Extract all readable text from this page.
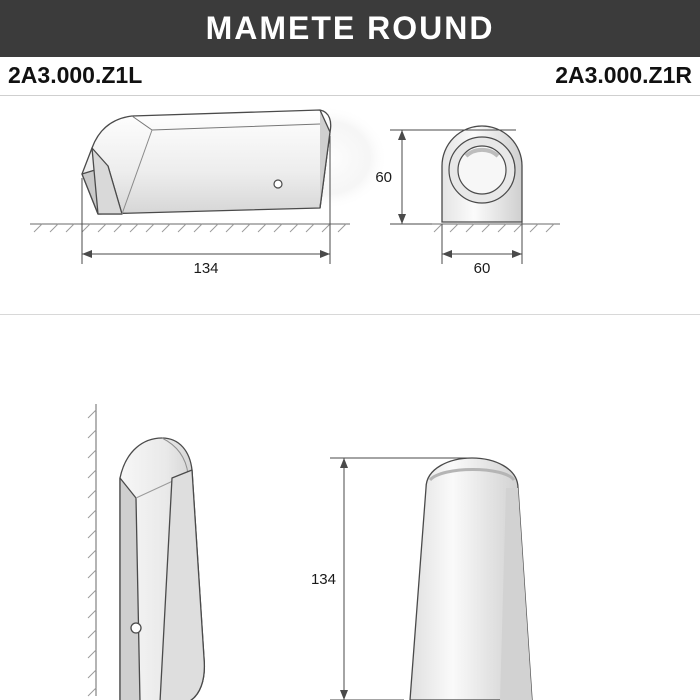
MAMETE ROUND
2A3.000.Z1L	2A3.000.Z1R
134
60
60
134
